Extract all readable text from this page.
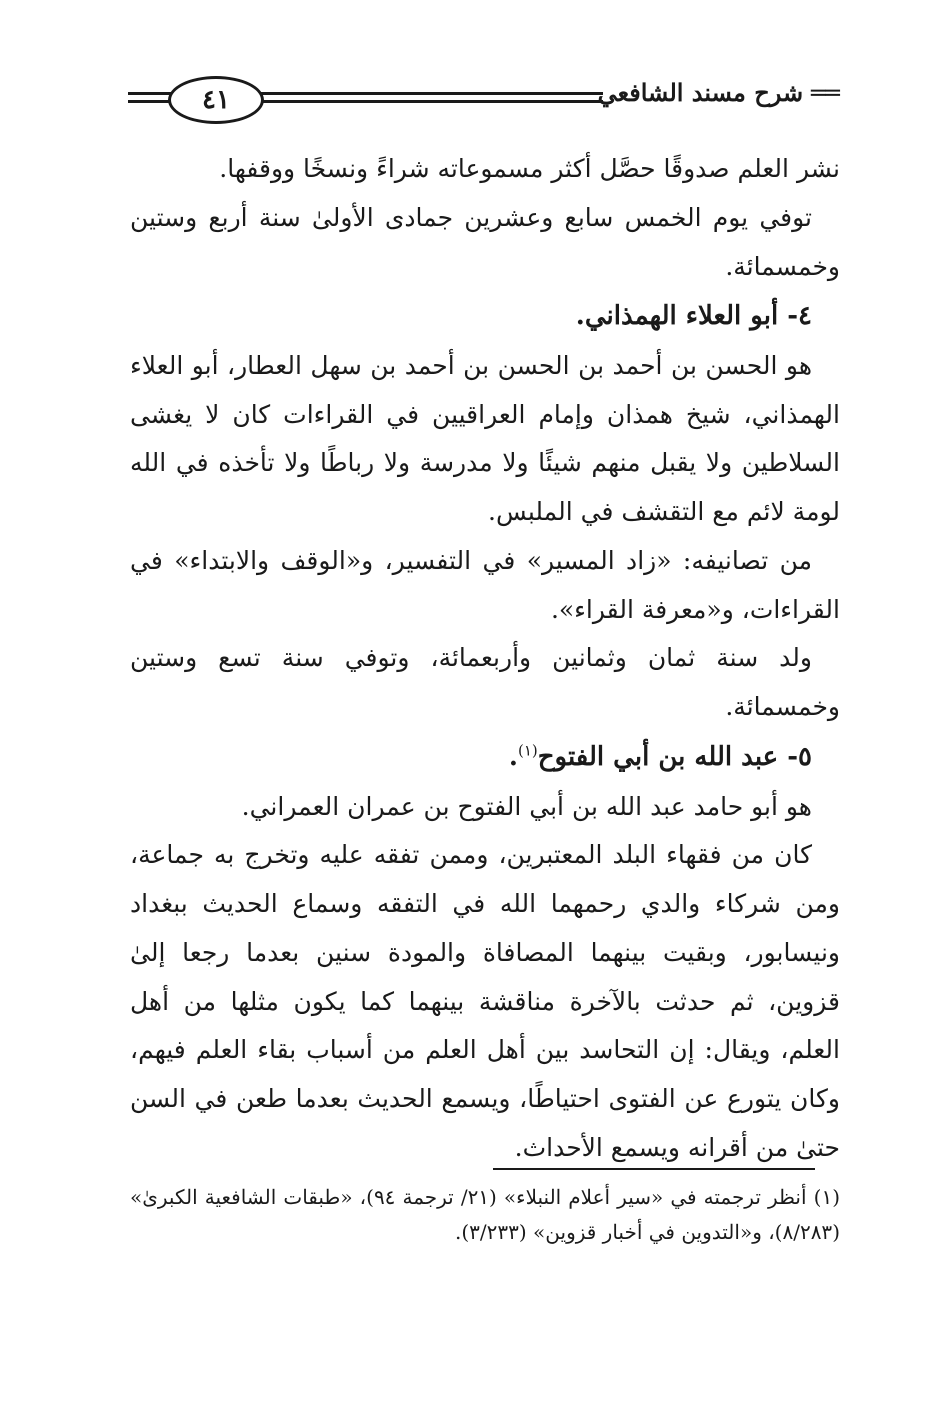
٤١	══شرح مسند الشافعي

نشر العلم صدوقًا حصَّل أكثر مسموعاته شراءً ونسخًا ووقفها.

توفي يوم الخمس سابع وعشرين جمادى الأولىٰ سنة أربع وستين وخمسمائة.

٤- أبو العلاء الهمذاني.

هو الحسن بن أحمد بن الحسن بن أحمد بن سهل العطار، أبو العلاء الهمذاني، شيخ همذان وإمام العراقيين في القراءات كان لا يغشى السلاطين ولا يقبل منهم شيئًا ولا مدرسة ولا رباطًا ولا تأخذه في الله لومة لائم مع التقشف في الملبس.

من تصانيفه: «زاد المسير» في التفسير، و«الوقف والابتداء» في القراءات، و«معرفة القراء».

ولد سنة ثمان وثمانين وأربعمائة، وتوفي سنة تسع وستين وخمسمائة.

٥- عبد الله بن أبي الفتوح$^{(١)}$.

هو أبو حامد عبد الله بن أبي الفتوح بن عمران العمراني.

كان من فقهاء البلد المعتبرين، وممن تفقه عليه وتخرج به جماعة، ومن شركاء والدي رحمهما الله في التفقه وسماع الحديث ببغداد ونيسابور، وبقيت بينهما المصافاة والمودة سنين بعدما رجعا إلىٰ قزوين، ثم حدثت بالآخرة مناقشة بينهما كما يكون مثلها من أهل العلم، ويقال: إن التحاسد بين أهل العلم من أسباب بقاء العلم فيهم، وكان يتورع عن الفتوى احتياطًا، ويسمع الحديث بعدما طعن في السن حتىٰ من أقرانه ويسمع الأحداث.

(١) أنظر ترجمته في «سير أعلام النبلاء» (٢١/ ترجمة ٩٤)، «طبقات الشافعية الكبرىٰ» (٨/٢٨٣)، و«التدوين في أخبار قزوين» (٣/٢٣٣).
